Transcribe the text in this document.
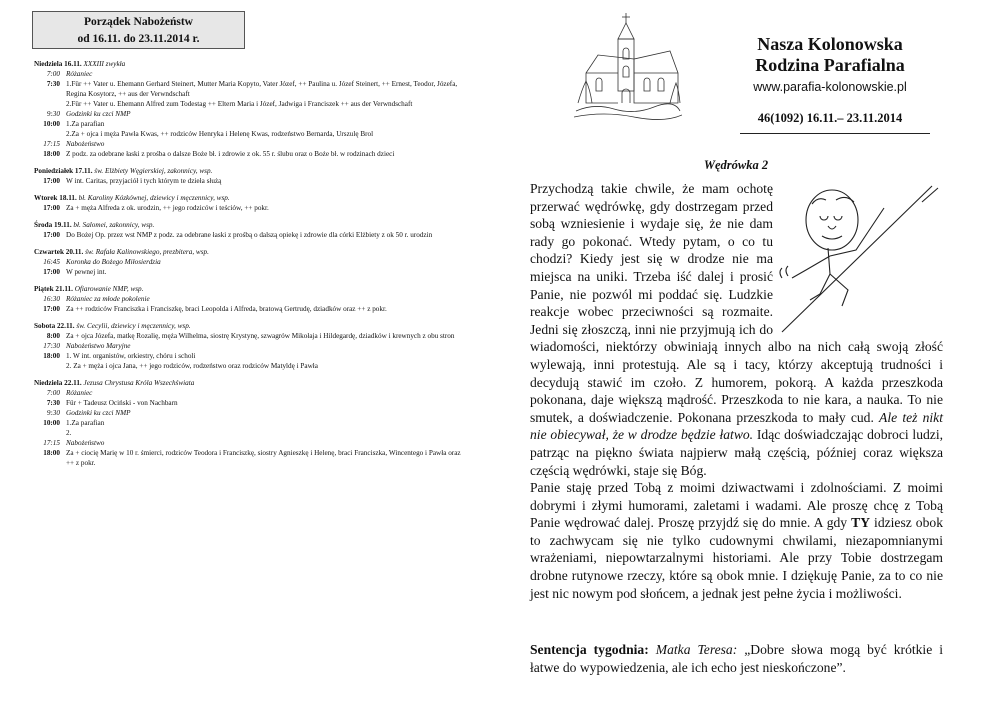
Porządek Nabożeństw
od 16.11. do 23.11.2014 r.
Niedziela 16.11. XXXIII zwykła
7:00 Różaniec
7:30 1.Für ++ Vater u. Ehemann Gerhard Steinert, Mutter Maria Kopyto, Vater Józef, ++ Paulina u. Józef Steinert, ++ Ernest, Teodor, Józefa, Regina Kosytorz, ++ aus der Verwndschaft
2.Für ++ Vater u. Ehemann Alfred zum Todestag ++ Eltern Maria i Józef, Jadwiga i Franciszek ++ aus der Verwndschaft
9:30 Godzinki ku czci NMP
10:00 1.Za parafian
2.Za + ojca i męża Pawła Kwas, ++ rodziców Henryka i Helenę Kwas, rodzeństwo Bernarda, Urszulę Brol
17:15 Nabożeństwo
18:00 Z podz. za odebrane łaski z prośba o dalsze Boże bł. i zdrowie z ok. 55 r. ślubu oraz o Boże bł. w rodzinach dzieci
Poniedziałek 17.11. św. Elżbiety Węgierskiej, zakonnicy, wsp.
17:00 W int. Caritas, przyjaciół i tych którym te dzieła służą
Wtorek 18.11. bł. Karoliny Kózkównej, dziewicy i męczennicy, wsp.
17:00 Za + męża Alfreda z ok. urodzin, ++ jego rodziców i teściów, ++ pokr.
Środa 19.11. bł. Salomei, zakonnicy, wsp.
17:00 Do Bożej Op. przez wst NMP z podz. za odebrane łaski z prośbą o dalszą opiekę i zdrowie dla córki Elżbiety z ok 50 r. urodzin
Czwartek 20.11. św. Rafała Kalinowskiego, prezbitera, wsp.
16:45 Koronka do Bożego Miłosierdzia
17:00 W pewnej int.
Piątek 21.11. Ofiarowanie NMP, wsp.
16:30 Różaniec za młode pokolenie
17:00 Za ++ rodziców Franciszka i Franciszkę, braci Leopolda i Alfreda, bratową Gertrudę, dziadków oraz ++ z pokr.
Sobota 22.11. św. Cecylii, dziewicy i męczennicy, wsp.
8:00 Za + ojca Józefa, matkę Rozalię, męża Wilhelma, siostrę Krystynę, szwagrów Mikołaja i Hildegardę, dziadków i krewnych z obu stron
17:30 Nabożeństwo Maryjne
18:00 1. W int. organistów, orkiestry, chóru i scholi
2. Za + męża i ojca Jana, ++ jego rodziców, rodzeństwo oraz rodziców Matyldę i Pawła
Niedziela 22.11. Jezusa Chrystusa Króla Wszechświata
7:00 Różaniec
7:30 Für + Tadeusz Ociński - von Nachbarn
9:30 Godzinki ku czci NMP
10:00 1.Za parafian
2.
17:15 Nabożeństwo
18:00 Za + ciocię Marię w 10 r. śmierci, rodziców Teodora i Franciszkę, siostry Agnieszkę i Helenę, braci Franciszka, Wincentego i Pawła oraz ++ z pokr.
Nasza Kolonowska
Rodzina Parafialna
www.parafia-kolonowskie.pl
46(1092) 16.11.– 23.11.2014
Wędrówka 2

Przychodzą takie chwile, że mam ochotę przerwać wędrówkę, gdy dostrzegam przed sobą wzniesienie i wydaje się, że nie dam rady go pokonać. Wtedy pytam, o co tu chodzi? Kiedy jest się w drodze nie ma miejsca na uniki. Trzeba iść dalej i prosić Panie, nie pozwól mi poddać się. Ludzkie reakcje wobec przeciwności są rozmaite. Jedni się złoszczą, inni nie przyjmują ich do wiadomości, niektórzy obwiniają innych albo na nich całą swoją złość wylewają, inni protestują. Ale są i tacy, którzy akceptują trudności i decydują stawić im czoło. Z humorem, pokorą. A każda przeszkoda pokonana, daje większą mądrość. Przeszkoda to nie kara, a nauka. To nie smutek, a doświadczenie. Pokonana przeszkoda to mały cud. Ale też nikt nie obiecywał, że w drodze będzie łatwo. Idąc doświadczając dobroci ludzi, patrząc na piękno świata najpierw małą częścią, później coraz większa częścią wędrówki, staje się Bóg.

Panie staję przed Tobą z moimi dziwactwami i zdolnościami. Z moimi dobrymi i złymi humorami, zaletami i wadami. Ale proszę chcę z Tobą Panie wędrować dalej. Proszę przyjdź się do mnie. A gdy TY idziesz obok to zachwycam się nie tylko cudownymi chwilami, niezapomnianymi wrażeniami, niepowtarzalnymi historiami. Ale przy Tobie dostrzegam drobne rutynowe rzeczy, które są obok mnie. I dziękuję Panie, za to co nie jest nic nowym pod słońcem, a jednak jest pełne życia i możliwości.

Sentencja tygodnia: Matka Teresa: „Dobre słowa mogą być krótkie i łatwe do wypowiedzenia, ale ich echo jest nieskończone”.
